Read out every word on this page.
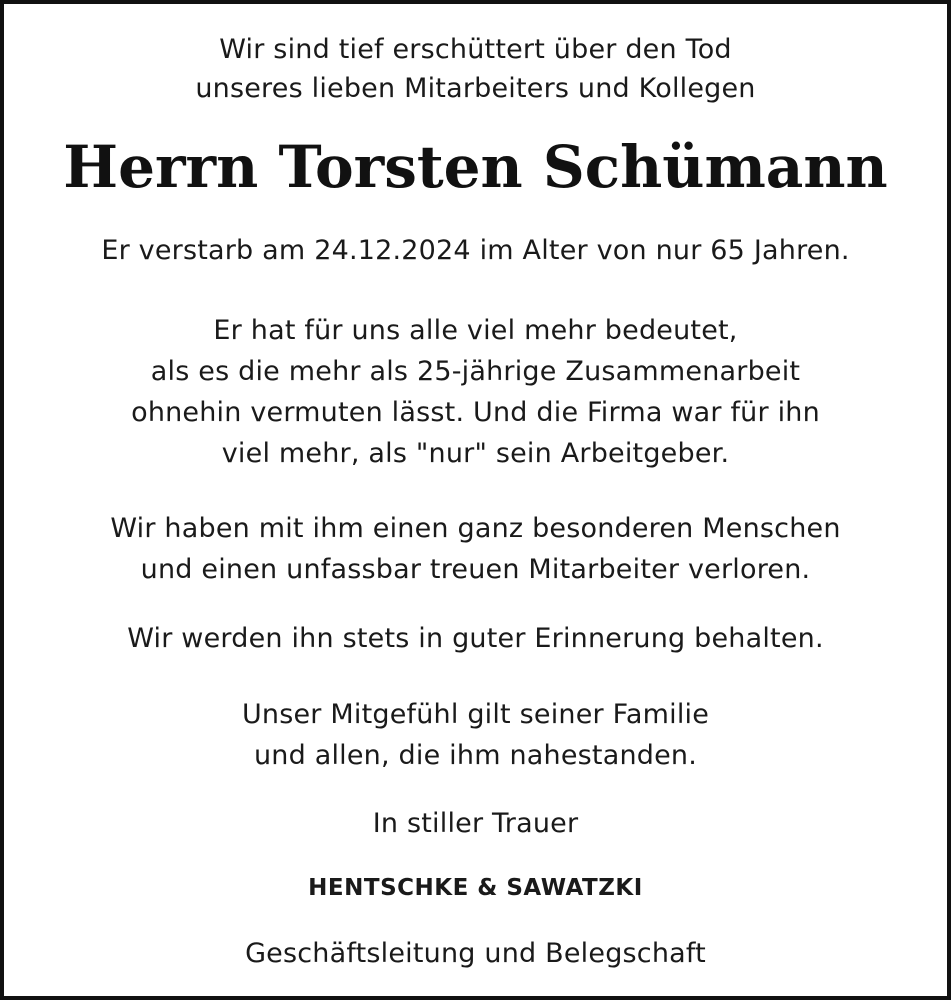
Wir sind tief erschüttert über den Tod
unseres lieben Mitarbeiters und Kollegen
Herrn Torsten Schümann
Er verstarb am 24.12.2024 im Alter von nur 65 Jahren.
Er hat für uns alle viel mehr bedeutet,
als es die mehr als 25-jährige Zusammenarbeit
ohnehin vermuten lässt. Und die Firma war für ihn
viel mehr, als "nur" sein Arbeitgeber.
Wir haben mit ihm einen ganz besonderen Menschen
und einen unfassbar treuen Mitarbeiter verloren.
Wir werden ihn stets in guter Erinnerung behalten.
Unser Mitgefühl gilt seiner Familie
und allen, die ihm nahestanden.
In stiller Trauer
HENTSCHKE & SAWATZKI
Geschäftsleitung und Belegschaft
